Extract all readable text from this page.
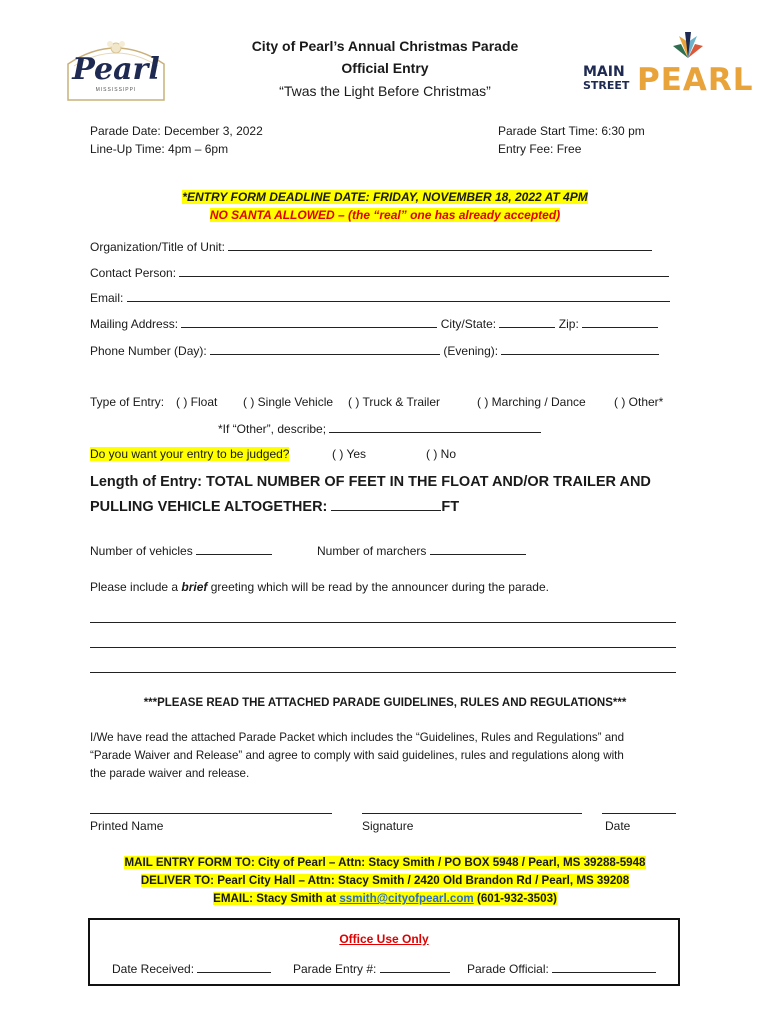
Pearl
MISSISSIPPI
MAIN
STREET PEARL
City of Pearl’s Annual Christmas Parade
Official Entry
“Twas the Light Before Christmas”
Parade Date: December 3, 2022
Line-Up Time: 4pm – 6pm
Parade Start Time: 6:30 pm
Entry Fee: Free
*ENTRY FORM DEADLINE DATE: FRIDAY, NOVEMBER 18, 2022 AT 4PM
NO SANTA ALLOWED – (the “real” one has already accepted)
Organization/Title of Unit:
Contact Person:
Email:
Mailing Address:	City/State:	Zip:
Phone Number (Day):	(Evening):
Type of Entry: ( ) Float ( ) Single Vehicle ( ) Truck & Trailer	( ) Marching / Dance ( ) Other*
*If “Other”, describe;
Do you want your entry to be judged?	( ) Yes	( ) No
Length of Entry: TOTAL NUMBER OF FEET IN THE FLOAT AND/OR TRAILER AND
PULLING VEHICLE ALTOGETHER:	FT
Number of vehicles	Number of marchers
Please include a brief greeting which will be read by the announcer during the parade.
***PLEASE READ THE ATTACHED PARADE GUIDELINES, RULES AND REGULATIONS***
I/We have read the attached Parade Packet which includes the “Guidelines, Rules and Regulations” and
“Parade Waiver and Release” and agree to comply with said guidelines, rules and regulations along with
the parade waiver and release.
Printed Name	Signature	Date
MAIL ENTRY FORM TO: City of Pearl – Attn: Stacy Smith / PO BOX 5948 / Pearl, MS 39288-5948
DELIVER TO: Pearl City Hall – Attn: Stacy Smith / 2420 Old Brandon Rd / Pearl, MS 39208
EMAIL: Stacy Smith at ssmith@cityofpearl.com (601-932-3503)
Office Use Only
Date Received:	Parade Entry #:	Parade Official:
